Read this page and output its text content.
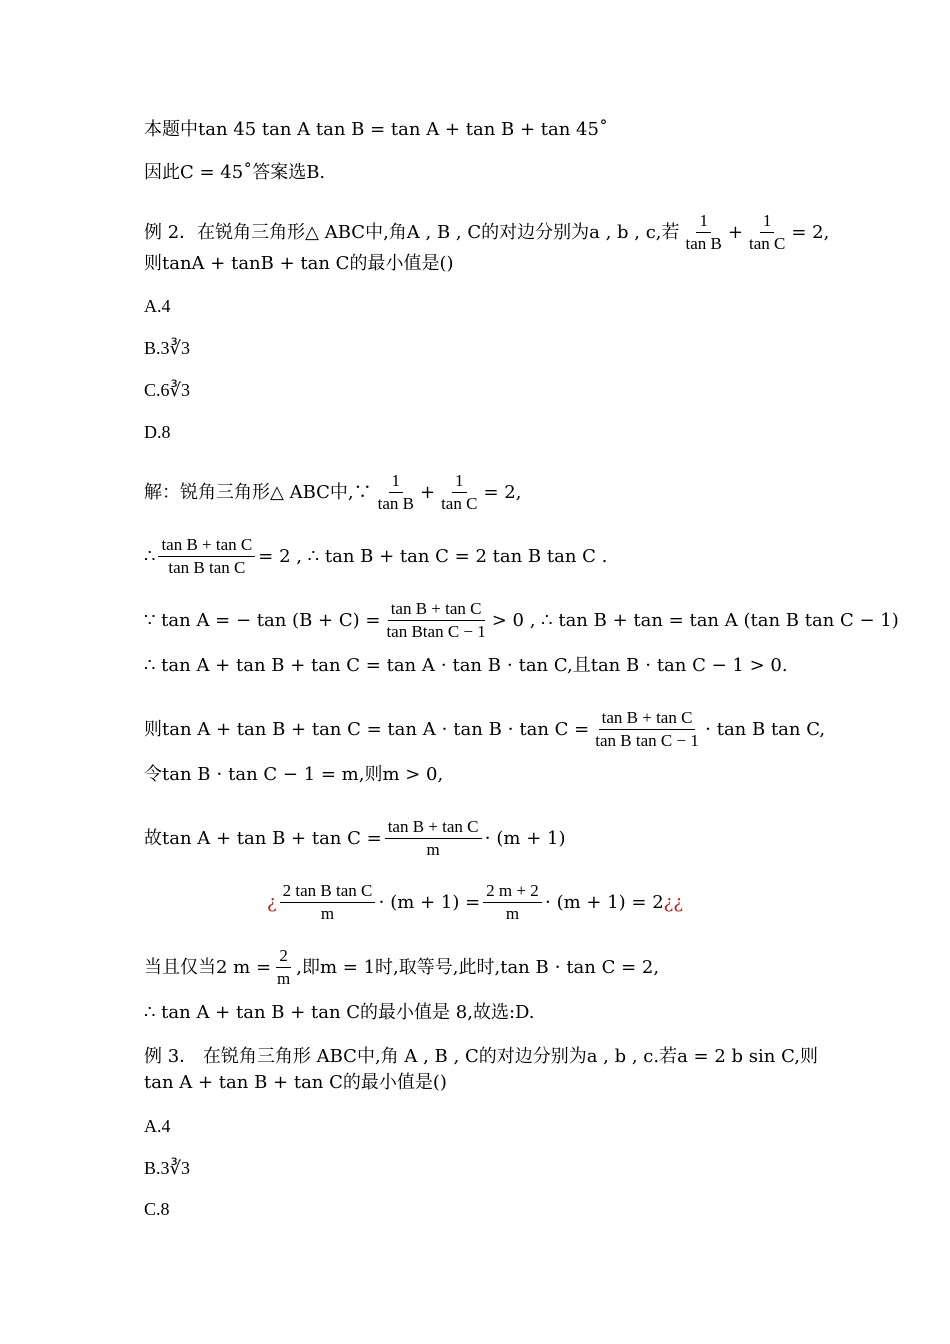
本题中tan 45 tan A tan B = tan A + tan B + tan 45˚
因此C = 45˚答案选B.
例 2．在锐角三角形△ ABC中,角A , B , C的对边分别为a , b , c,若 $\frac{1}{\text{tan B}} + \frac{1}{\text{tan C}} = 2$,
则tanA + tanB + tan C的最小值是()
A.4
B.3∛3
C.6∛3
D.8
解：锐角三角形△ ABC中,∵ $\frac{1}{\text{tan B}} + \frac{1}{\text{tan C}} = 2$,
∴ $\frac{\text{tan B + tan C}}{\text{tan B tan C}} = 2$ , ∴ tan B + tan C = 2 tan B tan C .
∵ tan A = − $\tan (B + C) = \frac{\text{tan B + tan C}}{\text{tan Btan C − 1}} > 0$ , ∴ tan B + tan = tan A (tan B tan C − 1)
∴ tan A + tan B + tan C = tan A ⋅ tan B ⋅ tan C,且tan B ⋅ tan C − 1 > 0.
则$\tan A + \tan B + \tan C = \tan A \cdot \tan B \cdot \tan C = \frac{\text{tan B + tan C}}{\text{tan B tan C − 1}} \cdot \tan B$ tan C,
令tan B ⋅ tan C − 1 = m,则m > 0,
故$\tan A + \tan B + \tan C = \frac{\text{tan B + tan C}}{m} \cdot (m + 1)$
¿ $\frac{\text{2 tan B tan C}}{m} \cdot (m + 1) = \frac{2 m + 2}{m} \cdot (m + 1) = 2$ ¿¿
当且仅当2 $m = \frac{2}{m}$ ,即m = 1时,取等号,此时,tan B ⋅ tan C = 2,
∴ tan A + tan B + tan C的最小值是 8,故选:D.
例 3． 在锐角三角形 ABC中,角 A , B , C的对边分别为a , b , c.若a = 2 b sin C,则
tan A + tan B + tan C的最小值是()
A.4
B.3∛3
C.8
